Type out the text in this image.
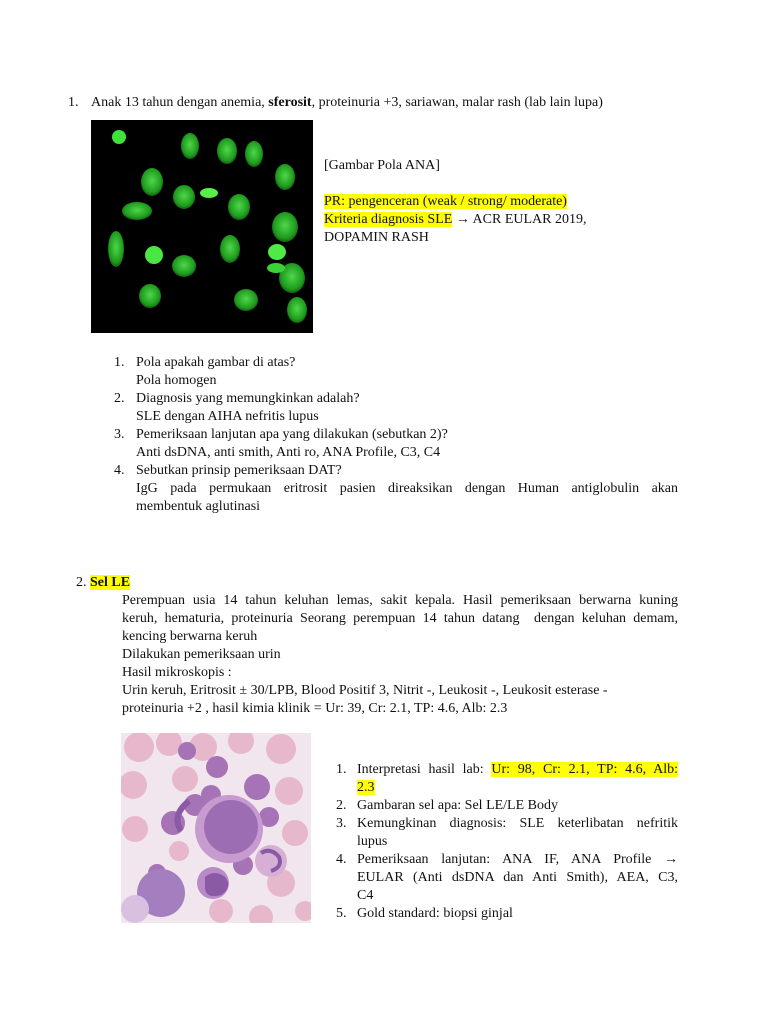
1. Anak 13 tahun dengan anemia, sferosit, proteinuria +3, sariawan, malar rash (lab lain lupa)
[Gambar Pola ANA]
PR: pengenceran (weak / strong/ moderate)
Kriteria diagnosis SLE → ACR EULAR 2019,
DOPAMIN RASH
1. Pola apakah gambar di atas?
Pola homogen
2. Diagnosis yang memungkinkan adalah?
SLE dengan AIHA nefritis lupus
3. Pemeriksaan lanjutan apa yang dilakukan (sebutkan 2)?
Anti dsDNA, anti smith, Anti ro, ANA Profile, C3, C4
4. Sebutkan prinsip pemeriksaan DAT?
IgG pada permukaan eritrosit pasien direaksikan dengan Human antiglobulin akan
membentuk aglutinasi
2. Sel LE
Perempuan usia 14 tahun keluhan lemas, sakit kepala. Hasil pemeriksaan berwarna kuning
keruh, hematuria, proteinuria Seorang perempuan 14 tahun datang  dengan keluhan demam,
kencing berwarna keruh
Dilakukan pemeriksaan urin
Hasil mikroskopis :
Urin keruh, Eritrosit ± 30/LPB, Blood Positif 3, Nitrit -, Leukosit -, Leukosit esterase -
proteinuria +2 , hasil kimia klinik = Ur: 39, Cr: 2.1, TP: 4.6, Alb: 2.3
1. Interpretasi hasil lab: Ur: 98, Cr: 2.1, TP: 4.6, Alb:
2.3
2. Gambaran sel apa: Sel LE/LE Body
3. Kemungkinan diagnosis: SLE keterlibatan nefritik
lupus
4. Pemeriksaan lanjutan: ANA IF, ANA Profile →
EULAR (Anti dsDNA dan Anti Smith), AEA, C3,
C4
5. Gold standard: biopsi ginjal
